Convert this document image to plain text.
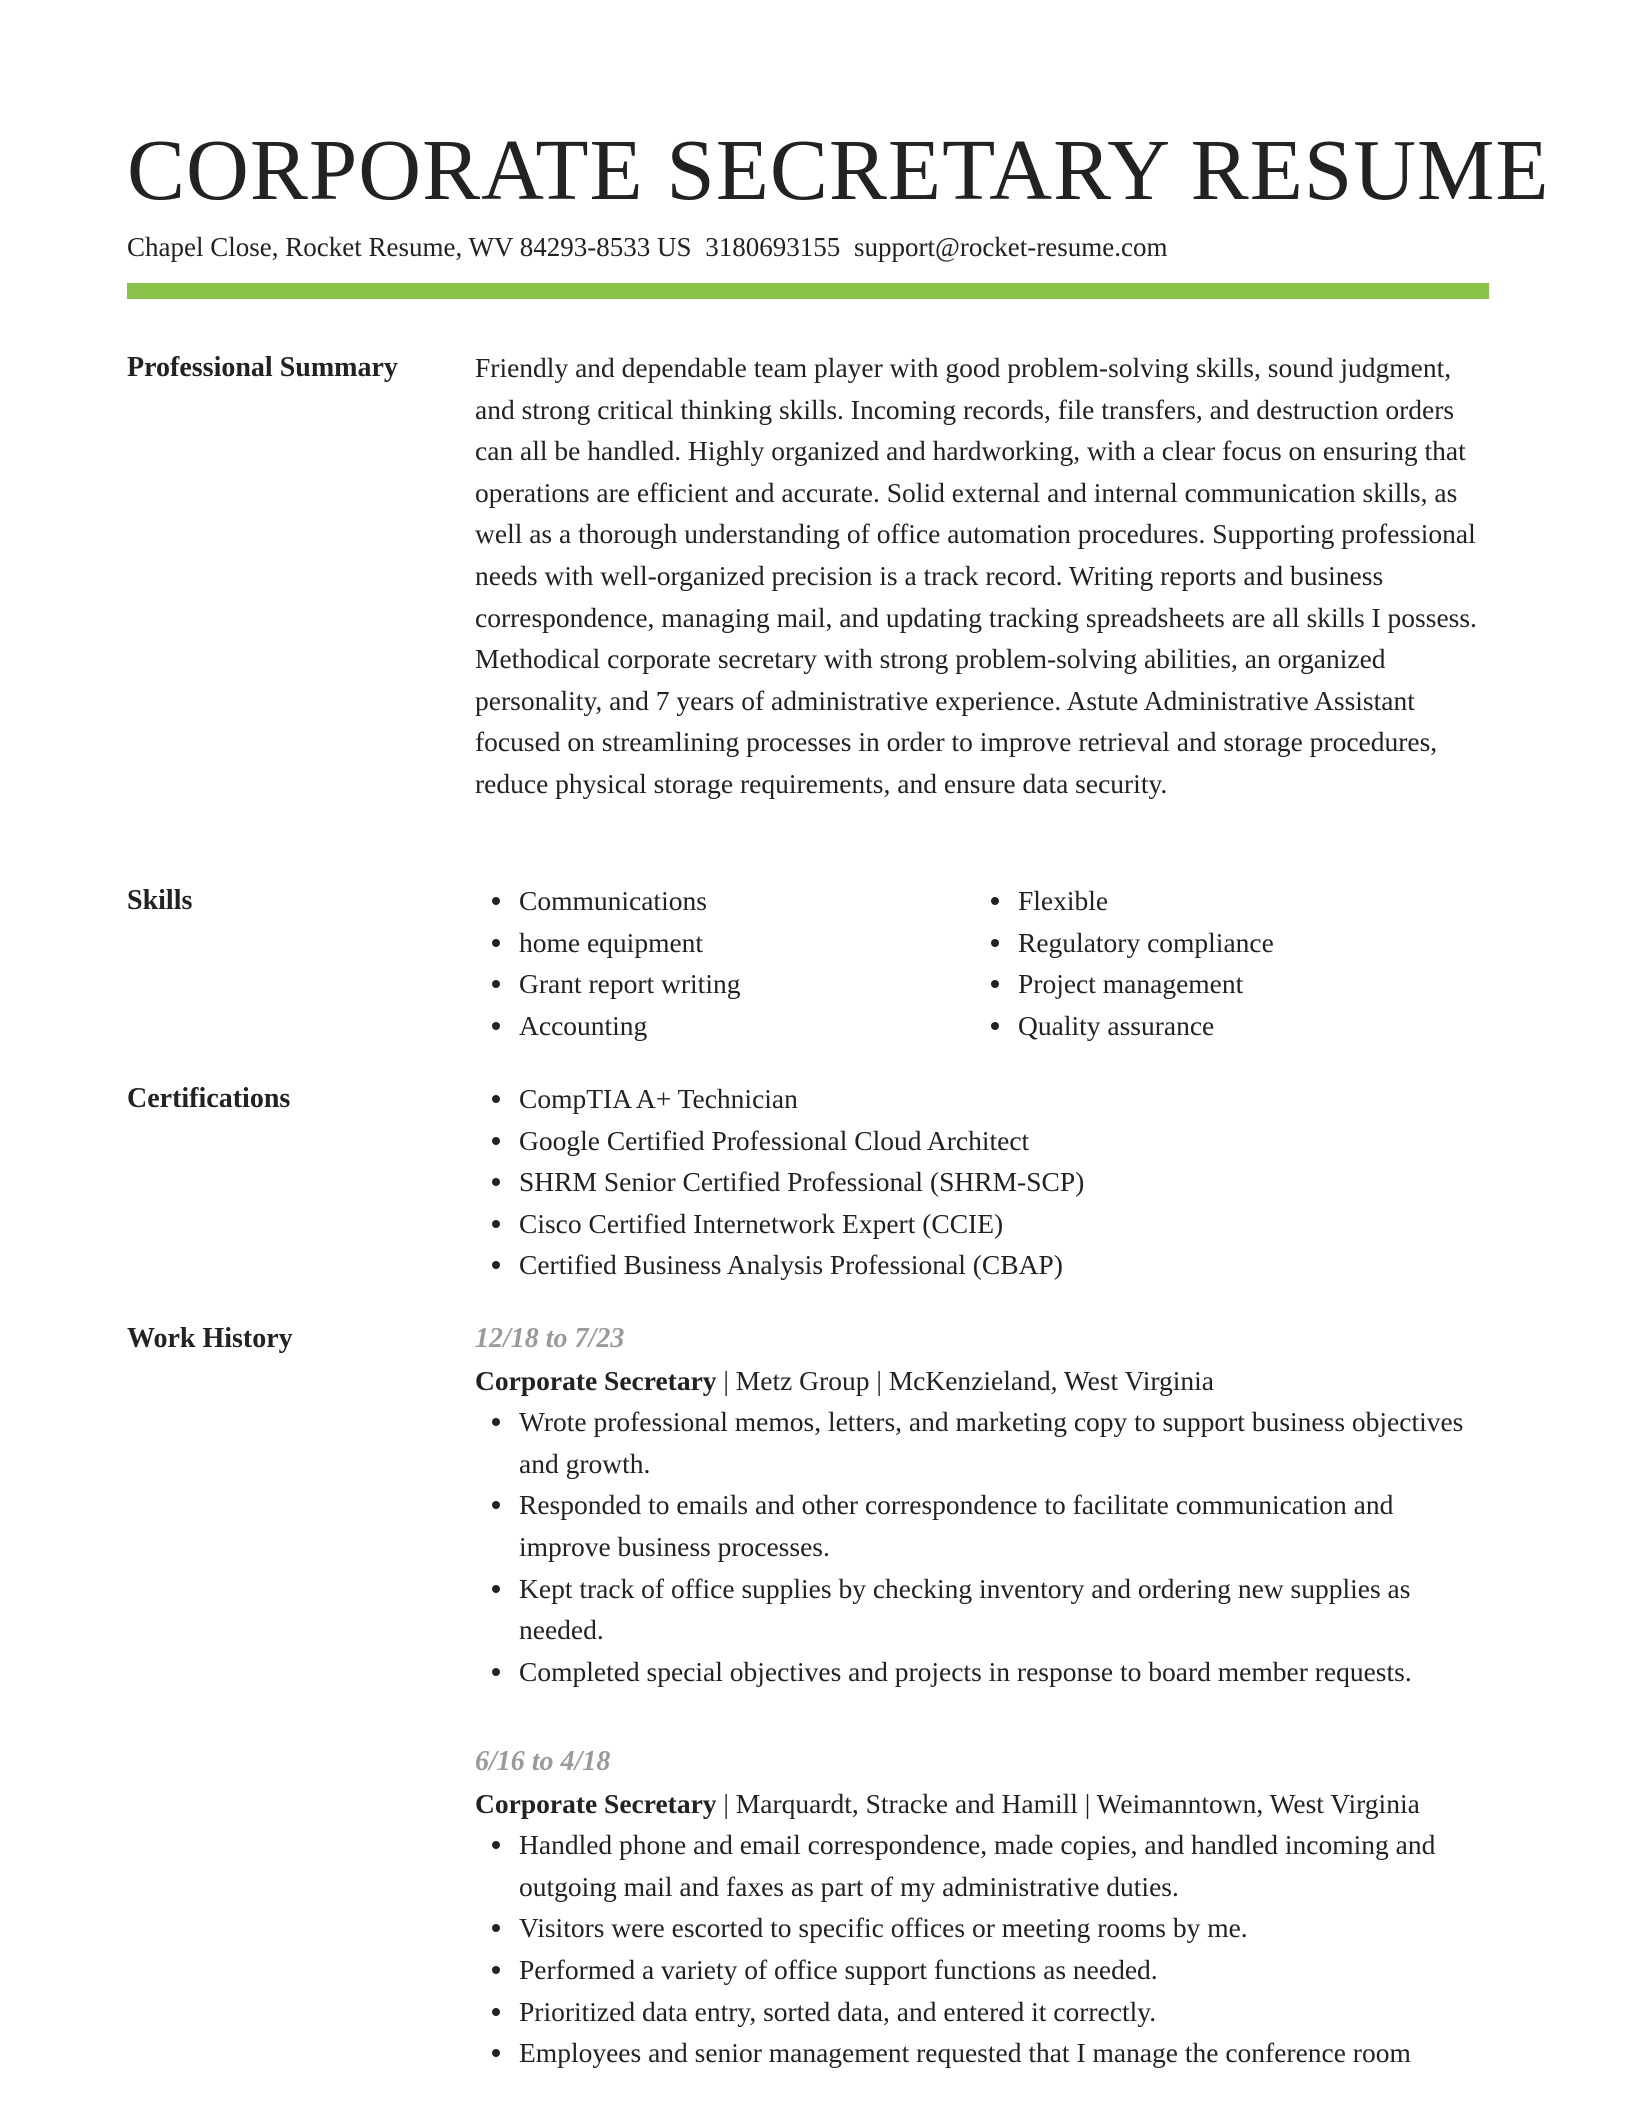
CORPORATE SECRETARY RESUME
Chapel Close, Rocket Resume, WV 84293-8533 US 3180693155 support@rocket-resume.com
Professional Summary	Friendly and dependable team player with good problem-solving skills, sound judgment, and strong critical thinking skills. Incoming records, file transfers, and destruction orders can all be handled. Highly organized and hardworking, with a clear focus on ensuring that operations are efficient and accurate. Solid external and internal communication skills, as well as a thorough understanding of office automation procedures. Supporting professional needs with well-organized precision is a track record. Writing reports and business correspondence, managing mail, and updating tracking spreadsheets are all skills I possess. Methodical corporate secretary with strong problem-solving abilities, an organized personality, and 7 years of administrative experience. Astute Administrative Assistant focused on streamlining processes in order to improve retrieval and storage procedures, reduce physical storage requirements, and ensure data security.

Skills	Communications
home equipment
Grant report writing
Accounting
Flexible
Regulatory compliance
Project management
Quality assurance
Certifications	CompTIA A+ Technician
Google Certified Professional Cloud Architect
SHRM Senior Certified Professional (SHRM-SCP)
Cisco Certified Internetwork Expert (CCIE)
Certified Business Analysis Professional (CBAP)
Work History	12/18 to 7/23
Corporate Secretary | Metz Group | McKenzieland, West Virginia
Wrote professional memos, letters, and marketing copy to support business objectives and growth.
Responded to emails and other correspondence to facilitate communication and improve business processes.
Kept track of office supplies by checking inventory and ordering new supplies as needed.
Completed special objectives and projects in response to board member requests.
6/16 to 4/18
Corporate Secretary | Marquardt, Stracke and Hamill | Weimanntown, West Virginia
Handled phone and email correspondence, made copies, and handled incoming and outgoing mail and faxes as part of my administrative duties.
Visitors were escorted to specific offices or meeting rooms by me.
Performed a variety of office support functions as needed.
Prioritized data entry, sorted data, and entered it correctly.
Employees and senior management requested that I manage the conference room
